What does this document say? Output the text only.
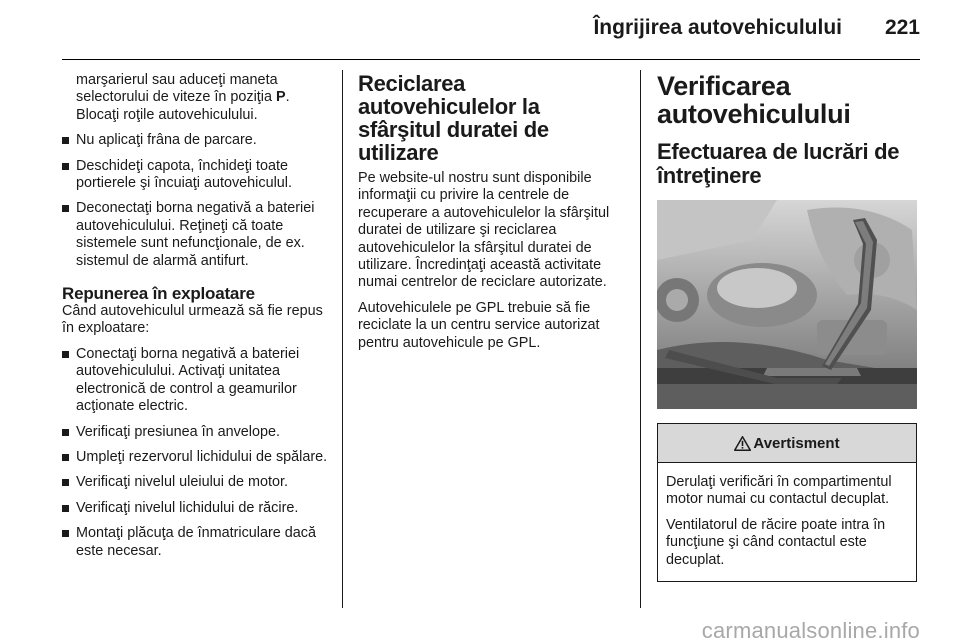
Îngrijirea autovehiculului 221

marşarierul sau aduceţi maneta selectorului de viteze în poziţia P. Blocaţi roţile autovehiculului.

Nu aplicaţi frâna de parcare.
Deschideţi capota, închideţi toate portierele şi încuiaţi autovehiculul.
Deconectaţi borna negativă a bateriei autovehiculului. Reţineţi că toate sistemele sunt nefuncţionale, de ex. sistemul de alarmă antifurt.
Repunerea în exploatare

Când autovehiculul urmează să fie repus în exploatare:

Conectaţi borna negativă a bateriei autovehiculului. Activaţi unitatea electronică de control a geamurilor acţionate electric.
Verificaţi presiunea în anvelope.
Umpleţi rezervorul lichidului de spălare.
Verificaţi nivelul uleiului de motor.
Verificaţi nivelul lichidului de răcire.
Montaţi plăcuţa de înmatriculare dacă este necesar.
Reciclarea autovehiculelor la sfârşitul duratei de utilizare

Pe website-ul nostru sunt disponibile informaţii cu privire la centrele de recuperare a autovehiculelor la sfârşitul duratei de utilizare şi reciclarea autovehiculelor la sfârşitul duratei de utilizare. Încredinţaţi această activitate numai centrelor de reciclare autorizate.

Autovehiculele pe GPL trebuie să fie reciclate la un centru service autorizat pentru autovehicule pe GPL.

Verificarea autovehiculului
Efectuarea de lucrări de întreţinere
Avertisment

Derulaţi verificări în compartimentul motor numai cu contactul decuplat.

Ventilatorul de răcire poate intra în funcţiune şi când contactul este decuplat.

carmanualsonline.info
